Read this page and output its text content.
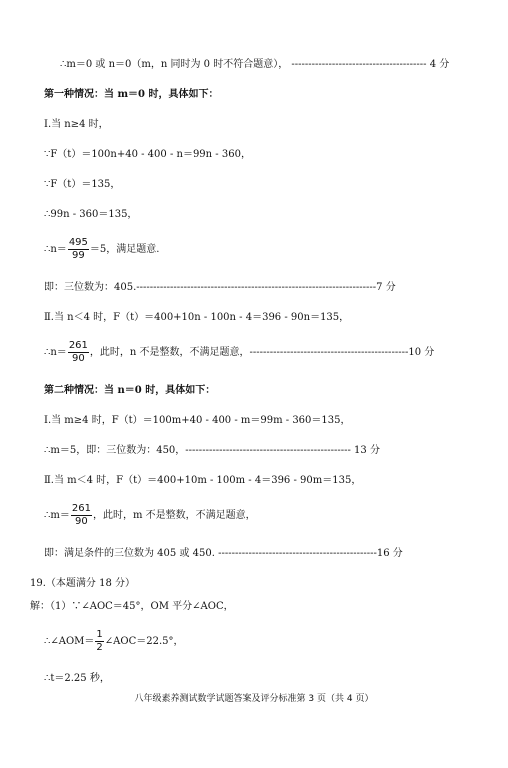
∴m＝0 或 n＝0（m，n 同时为 0 时不符合题意）， ---------------------------------------- 4 分
第一种情况：当 m＝0 时，具体如下：
Ⅰ.当 n≥4 时，
∵F（t）＝100n+40 - 400 - n＝99n - 360，
∵F（t）＝135，
∴99n - 360＝135，
∴n＝ $\frac{495}{99} =5$，满足题意.
即：三位数为：405.-----------------------------------------------------------------------7 分
Ⅱ.当 n＜4 时，F（t）＝400+10n - 100n - 4＝396 - 90n＝135，
∴n＝ $\frac{261}{90}$ ，此时，n 不是整数，不满足题意，-----------------------------------------------10 分
第二种情况：当 n＝0 时，具体如下：
Ⅰ.当 m≥4 时，F（t）＝100m+40 - 400 - m＝99m - 360＝135，
∴m＝5，即：三位数为：450，------------------------------------------------- 13 分
Ⅱ.当 m＜4 时，F（t）＝400+10m - 100m - 4＝396 - 90m＝135，
∴m＝ $\frac{261}{90}$ ，此时，m 不是整数，不满足题意，
即：满足条件的三位数为 405 或 450. -----------------------------------------------16 分
19.（本题满分 18 分）
解：（1）∵∠AOC＝45°，OM 平分∠AOC，
∴∠AOM＝ $\frac{1}{2}$ ∠AOC＝22.5°，
∴t＝2.25 秒，
八年级素养测试数学试题答案及评分标准第 3 页（共 4 页）
